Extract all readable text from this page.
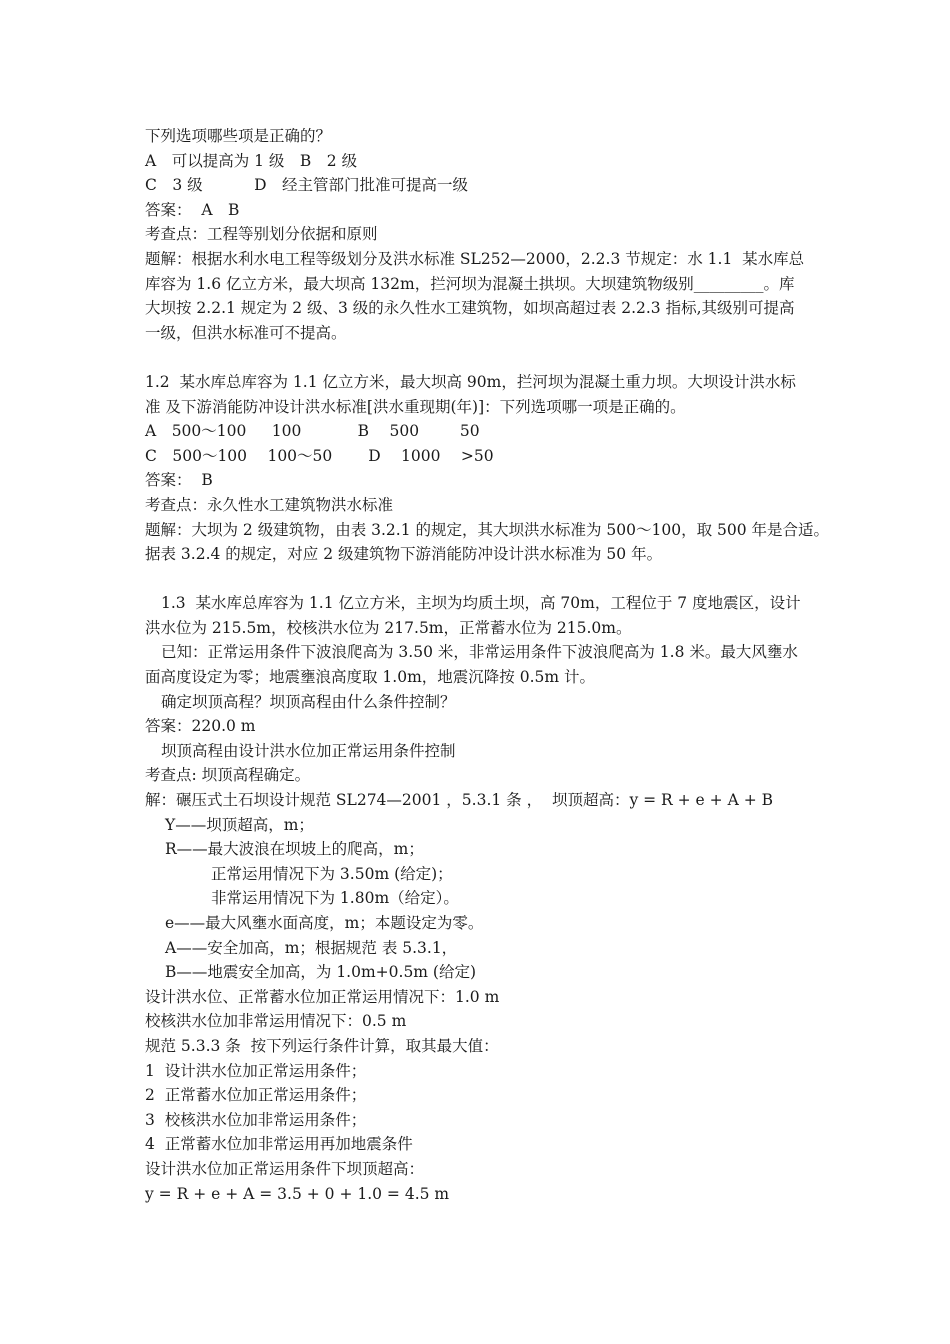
下列选项哪些项是正确的？
A　可以提高为 1 级　B　2 级
C　3 级　　　 D　经主管部门批准可提高一级
答案：  A　B
考查点：工程等别划分依据和原则
题解：根据水利水电工程等级划分及洪水标准 SL252—2000，2.2.3 节规定：水 1.1  某水库总
库容为 1.6 亿立方米，最大坝高 132m，拦河坝为混凝土拱坝。大坝建筑物级别_________。库
大坝按 2.2.1 规定为 2 级、3 级的永久性水工建筑物，如坝高超过表 2.2.3 指标,其级别可提高
一级，但洪水标准可不提高。
1.2  某水库总库容为 1.1 亿立方米，最大坝高 90m，拦河坝为混凝土重力坝。大坝设计洪水标
准 及下游消能防冲设计洪水标准[洪水重现期(年)]：下列选项哪一项是正确的。
A　500～100　  100　　　  B　 500　　  50
C　500～100　 100～50　　 D　 1000　 >50
答案：  B
考查点：永久性水工建筑物洪水标准
题解：大坝为 2 级建筑物，由表 3.2.1 的规定，其大坝洪水标准为 500～100，取 500 年是合适。
据表 3.2.4 的规定，对应 2 级建筑物下游消能防冲设计洪水标准为 50 年。
1.3  某水库总库容为 1.1 亿立方米，主坝为均质土坝，高 70m，工程位于 7 度地震区，设计
洪水位为 215.5m，校核洪水位为 217.5m，正常蓄水位为 215.0m。
已知：正常运用条件下波浪爬高为 3.50 米，非常运用条件下波浪爬高为 1.8 米。最大风壅水
面高度设定为零；地震壅浪高度取 1.0m，地震沉降按 0.5m 计。
确定坝顶高程？坝顶高程由什么条件控制？
答案：220.0 m
坝顶高程由设计洪水位加正常运用条件控制
考查点: 坝顶高程确定。
解：碾压式土石坝设计规范 SL274—2001 ，5.3.1 条 ，  坝顶超高：y = R + e + A + B
Y——坝顶超高，m；
R——最大波浪在坝坡上的爬高，m；
正常运用情况下为 3.50m (给定)；
非常运用情况下为 1.80m（给定）。
e——最大风壅水面高度，m；本题设定为零。
A——安全加高，m；根据规范 表 5.3.1，
B——地震安全加高，为 1.0m+0.5m (给定)
设计洪水位、正常蓄水位加正常运用情况下：1.0 m
校核洪水位加非常运用情况下：0.5 m
规范 5.3.3 条  按下列运行条件计算，取其最大值：
1  设计洪水位加正常运用条件；
2  正常蓄水位加正常运用条件；
3  校核洪水位加非常运用条件；
4  正常蓄水位加非常运用再加地震条件
设计洪水位加正常运用条件下坝顶超高：
y = R + e + A = 3.5 + 0 + 1.0 = 4.5 m
